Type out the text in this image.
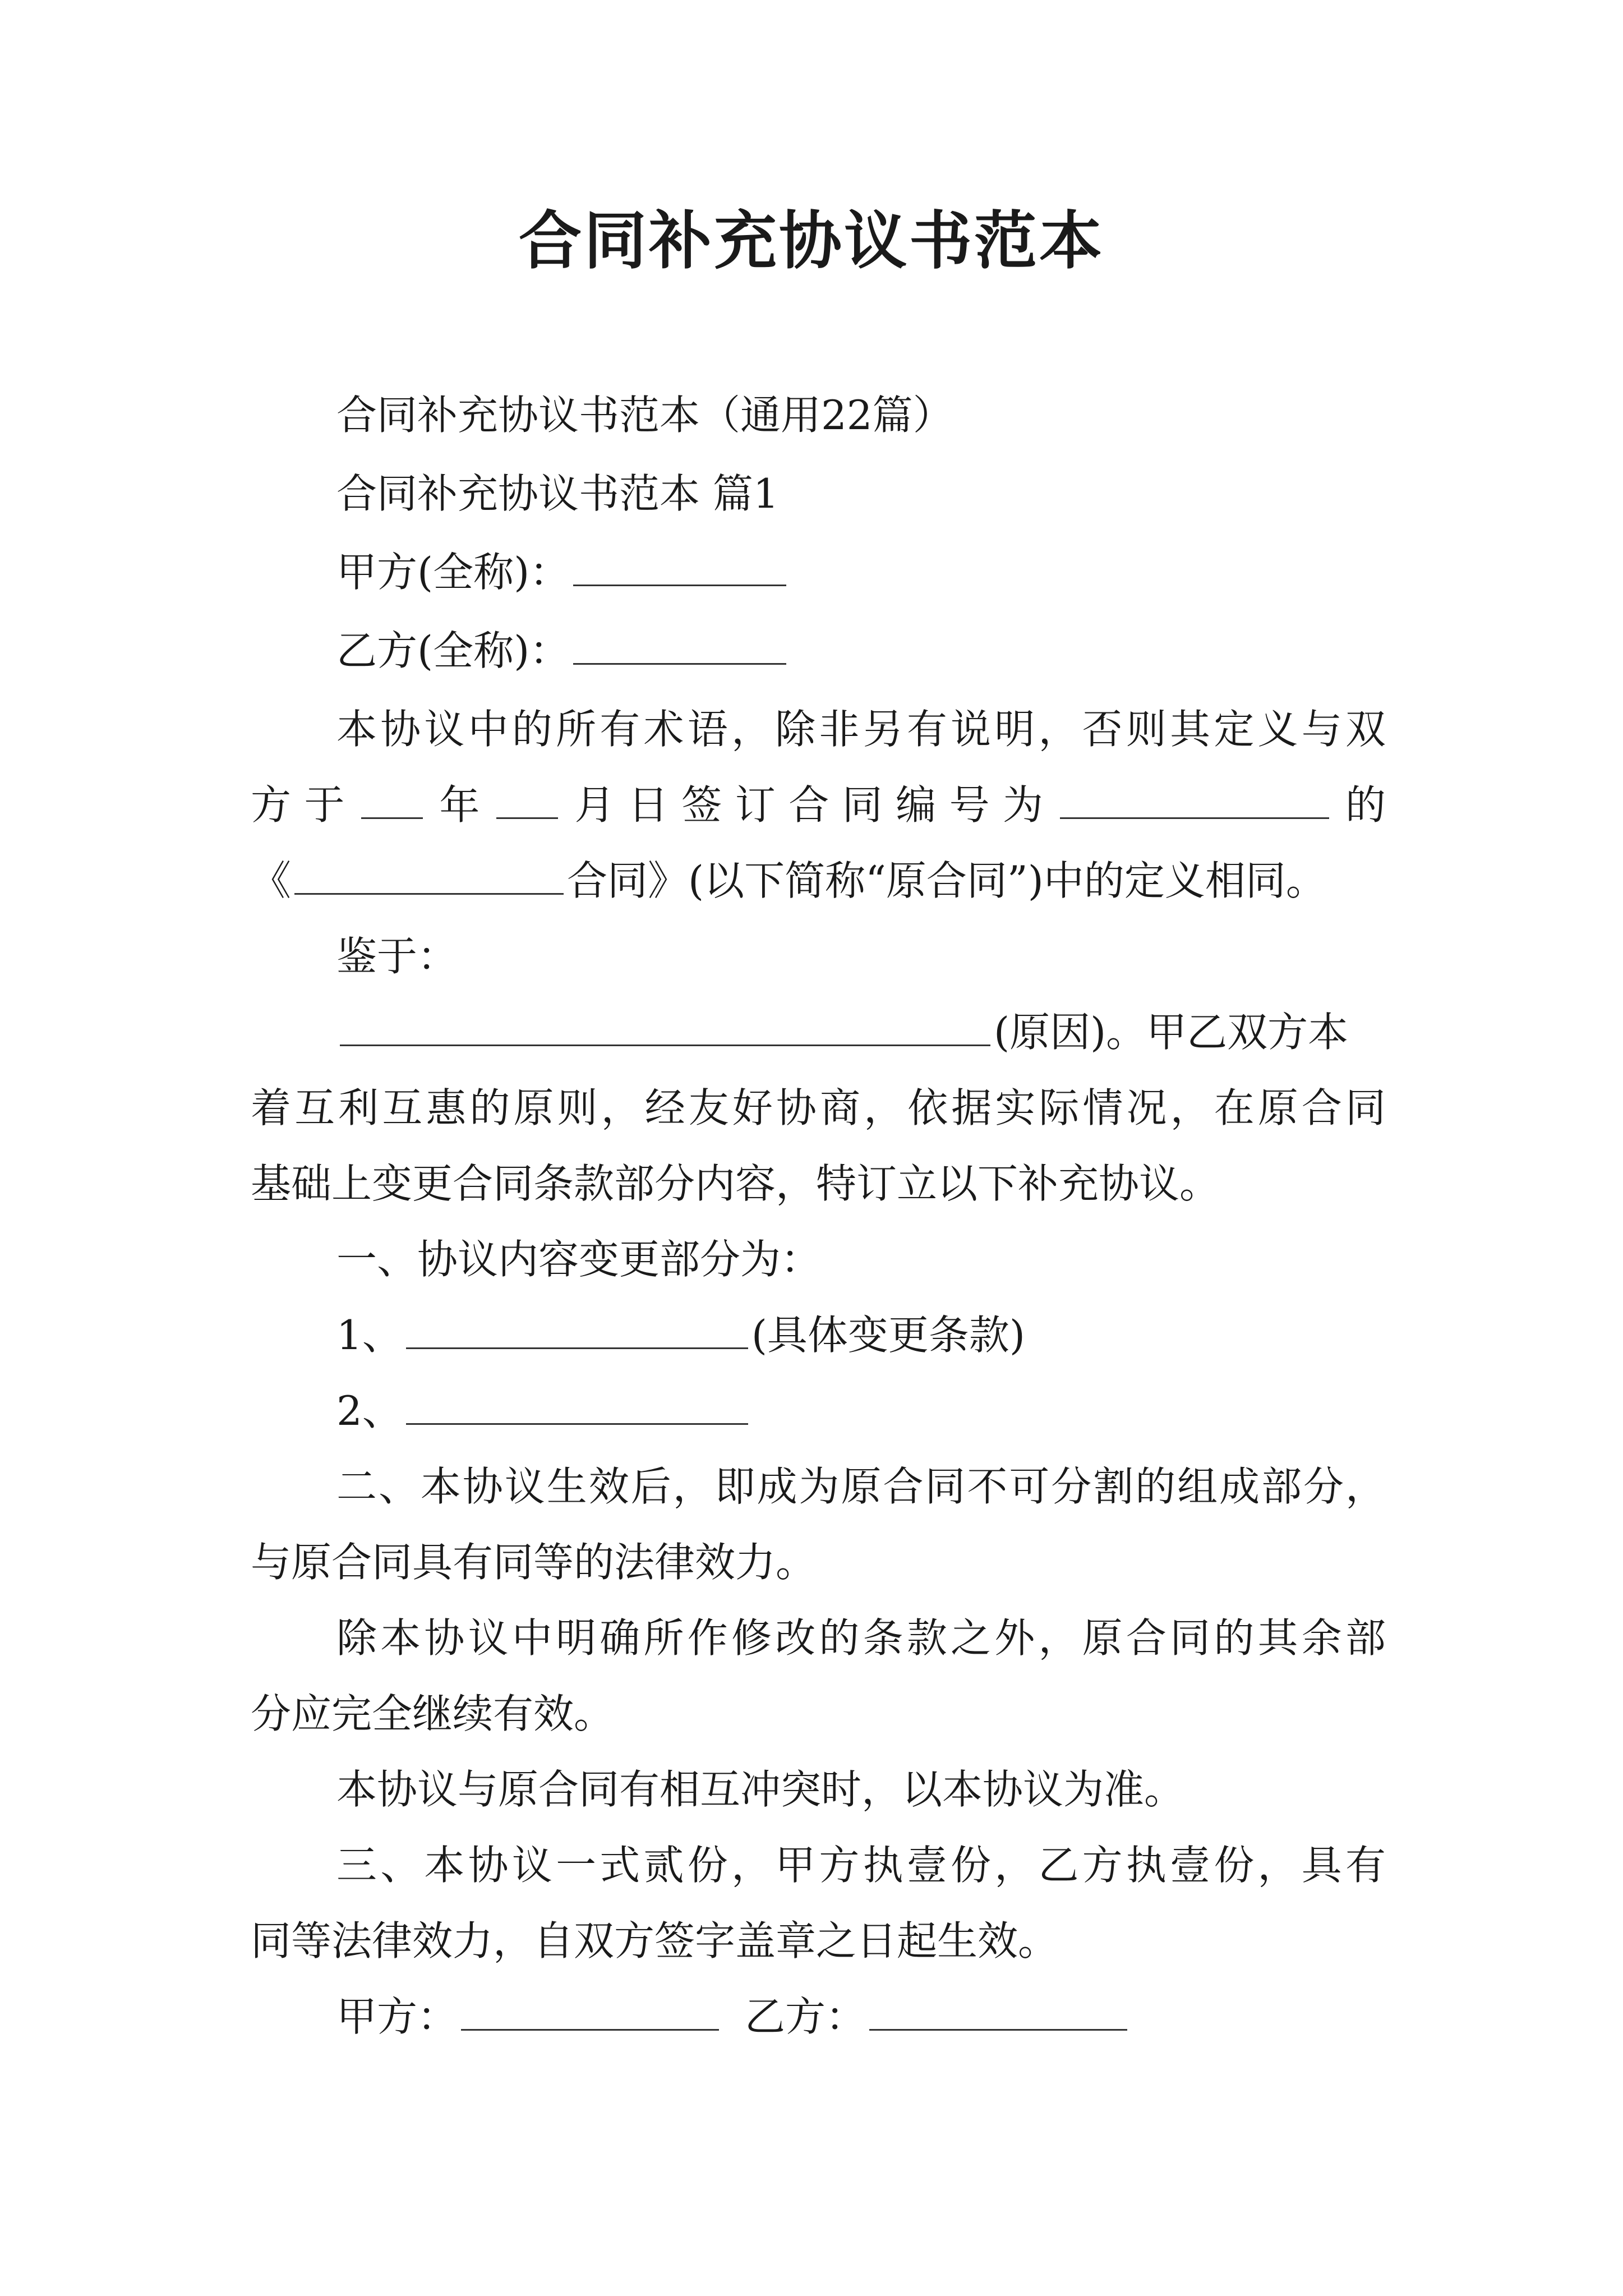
合同补充协议书范本
合同补充协议书范本（通用22篇）
合同补充协议书范本 篇1
甲方(全称)：
乙方(全称)：
本协议中的所有术语，除非另有说明，否则其定义与双
方于 年 月日签订合同编号为	的
《	合同》(以下简称“原合同”)中的定义相同。
鉴于：
(原因)。甲乙双方本
着互利互惠的原则，经友好协商，依据实际情况，在原合同
基础上变更合同条款部分内容，特订立以下补充协议。
一、协议内容变更部分为：
1、	(具体变更条款)
2、
二、本协议生效后，即成为原合同不可分割的组成部分，
与原合同具有同等的法律效力。
除本协议中明确所作修改的条款之外，原合同的其余部
分应完全继续有效。
本协议与原合同有相互冲突时，以本协议为准。
三、本协议一式贰份，甲方执壹份，乙方执壹份，具有
同等法律效力，自双方签字盖章之日起生效。
甲方：	乙方：
